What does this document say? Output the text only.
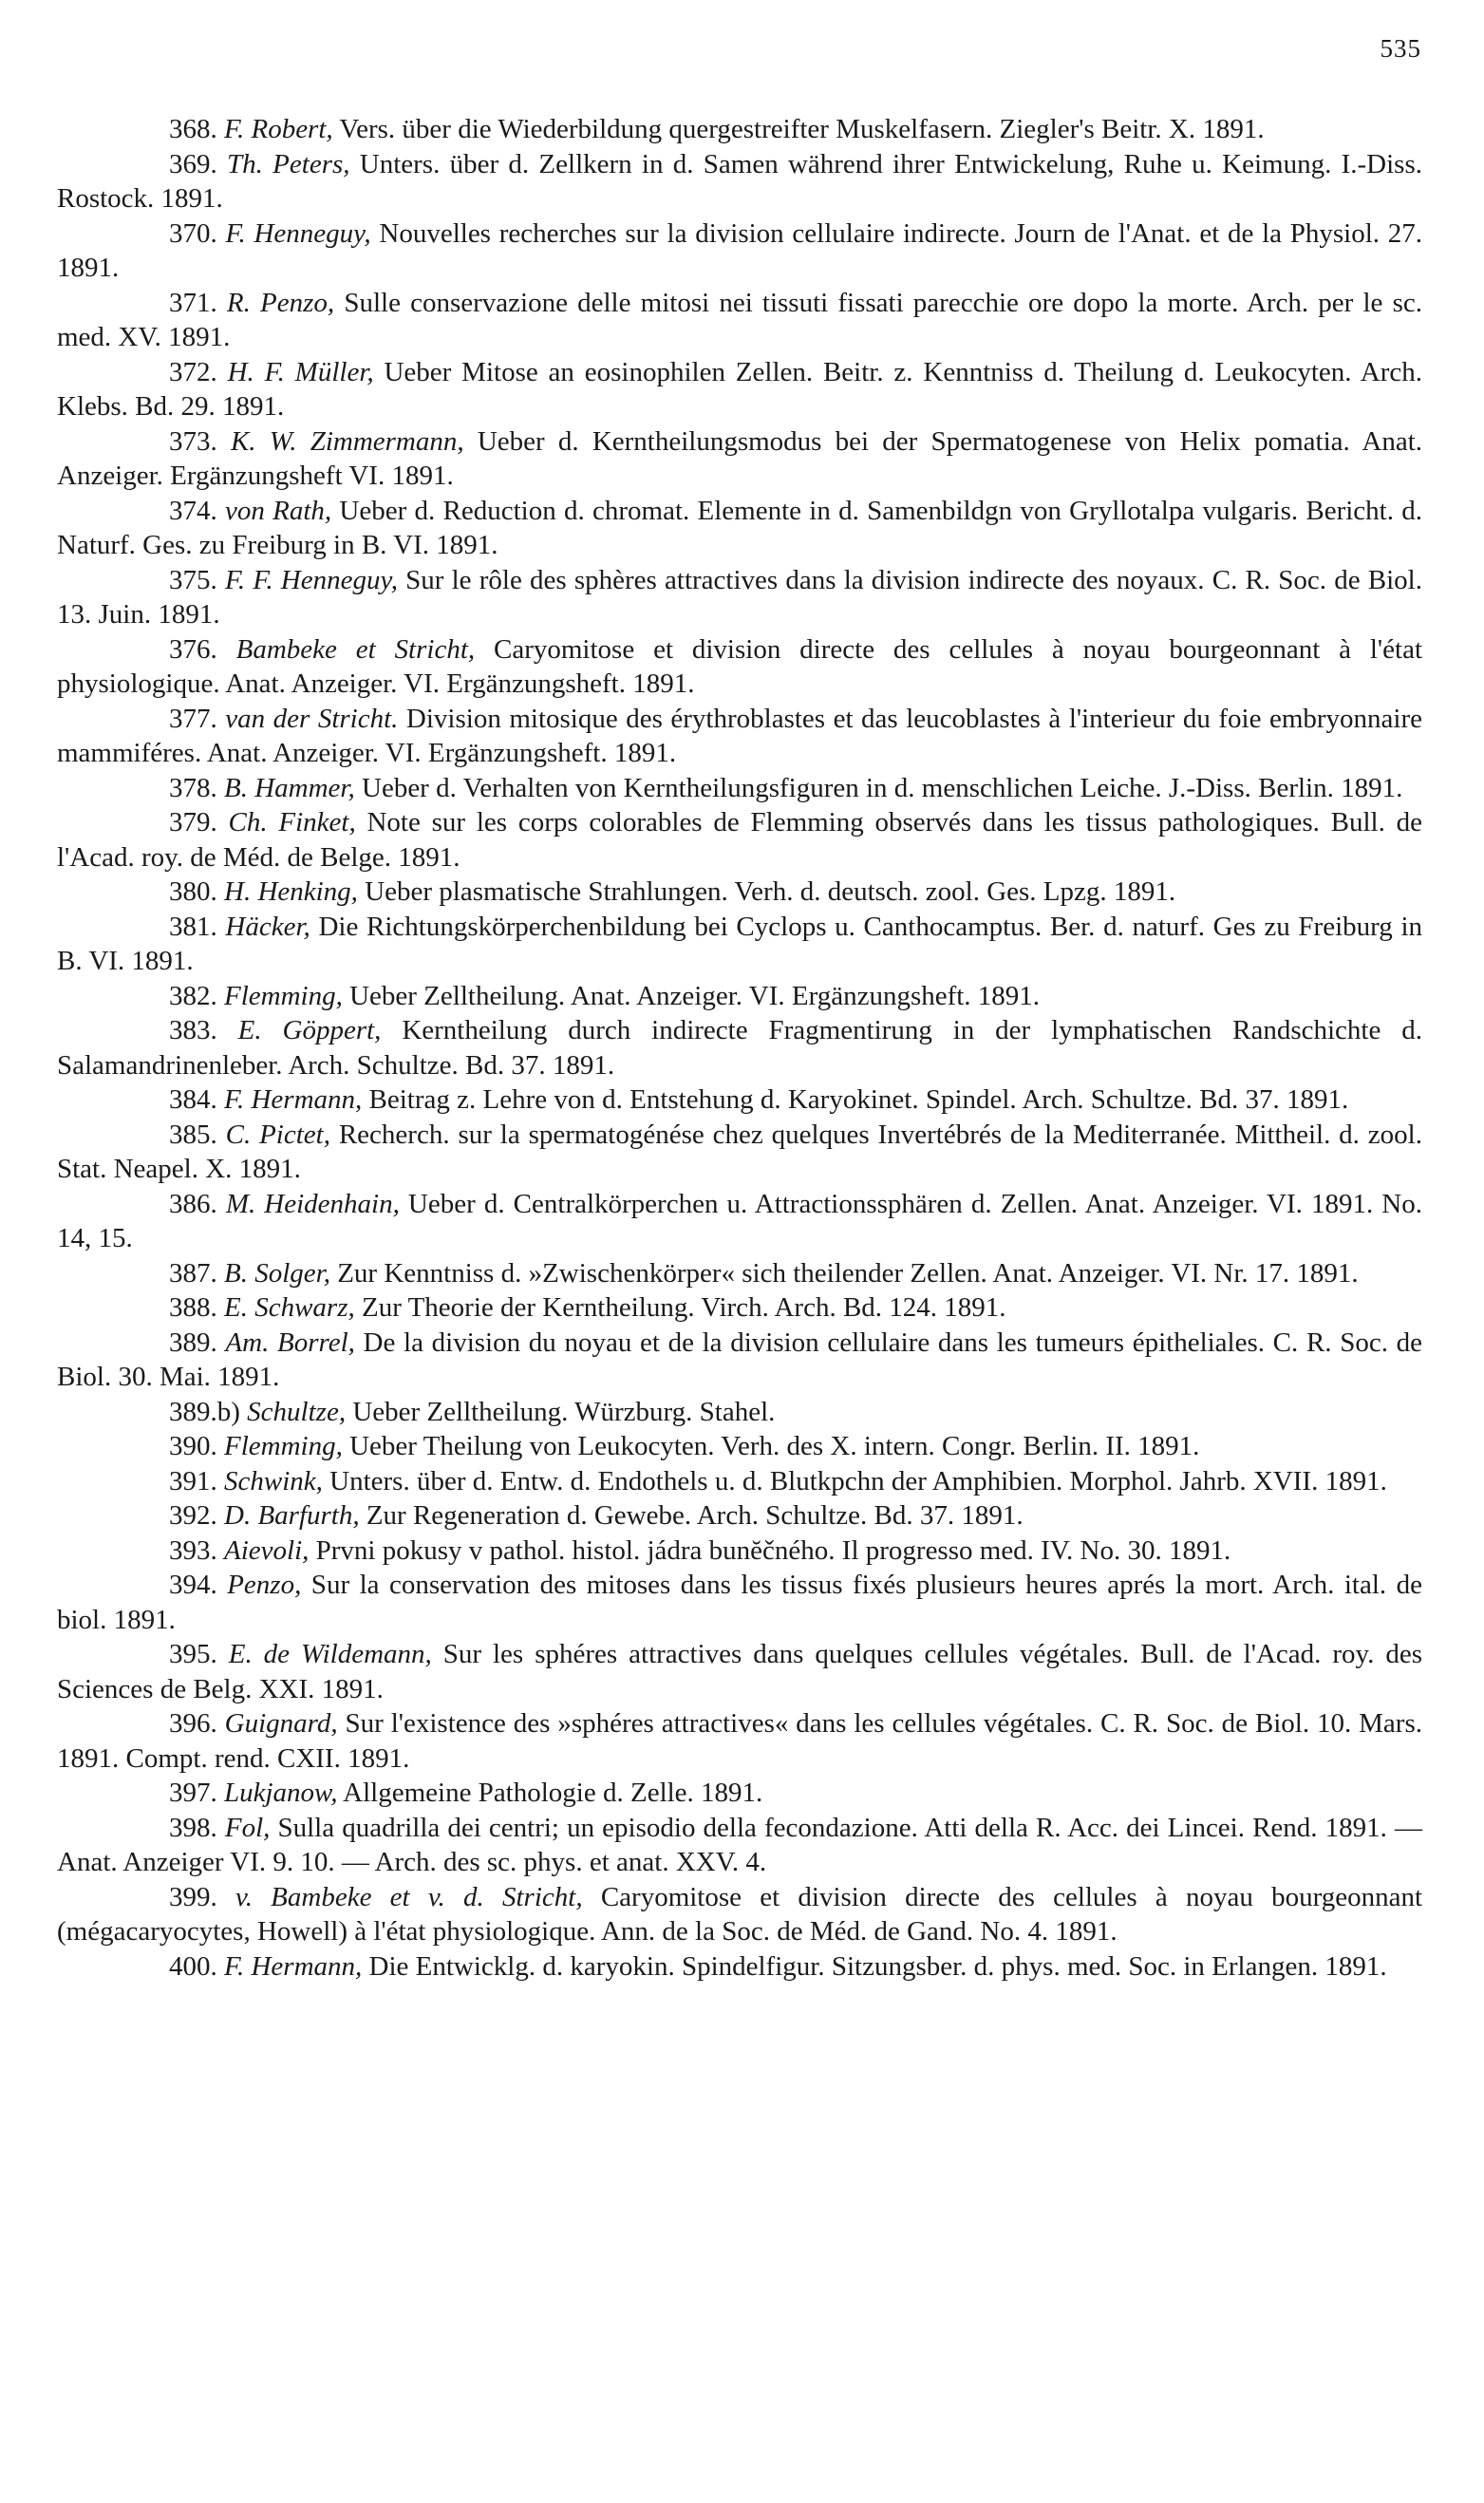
535

368. F. Robert, Vers. über die Wiederbildung quergestreifter Muskelfasern. Ziegler's Beitr. X. 1891.

369. Th. Peters, Unters. über d. Zellkern in d. Samen während ihrer Entwickelung, Ruhe u. Keimung. I.-Diss. Rostock. 1891.

370. F. Henneguy, Nouvelles recherches sur la division cellulaire indirecte. Journ de l'Anat. et de la Physiol. 27. 1891.

371. R. Penzo, Sulle conservazione delle mitosi nei tissuti fissati parecchie ore dopo la morte. Arch. per le sc. med. XV. 1891.

372. H. F. Müller, Ueber Mitose an eosinophilen Zellen. Beitr. z. Kenntniss d. Theilung d. Leukocyten. Arch. Klebs. Bd. 29. 1891.

373. K. W. Zimmermann, Ueber d. Kerntheilungsmodus bei der Spermatogenese von Helix pomatia. Anat. Anzeiger. Ergänzungsheft VI. 1891.

374. von Rath, Ueber d. Reduction d. chromat. Elemente in d. Samenbildgn von Gryllotalpa vulgaris. Bericht. d. Naturf. Ges. zu Freiburg in B. VI. 1891.

375. F. F. Henneguy, Sur le rôle des sphères attractives dans la division indirecte des noyaux. C. R. Soc. de Biol. 13. Juin. 1891.

376. Bambeke et Stricht, Caryomitose et division directe des cellules à noyau bourgeonnant à l'état physiologique. Anat. Anzeiger. VI. Ergänzungsheft. 1891.

377. van der Stricht. Division mitosique des érythroblastes et das leucoblastes à l'interieur du foie embryonnaire mammiféres. Anat. Anzeiger. VI. Ergänzungsheft. 1891.

378. B. Hammer, Ueber d. Verhalten von Kerntheilungsfiguren in d. menschlichen Leiche. J.-Diss. Berlin. 1891.

379. Ch. Finket, Note sur les corps colorables de Flemming observés dans les tissus pathologiques. Bull. de l'Acad. roy. de Méd. de Belge. 1891.

380. H. Henking, Ueber plasmatische Strahlungen. Verh. d. deutsch. zool. Ges. Lpzg. 1891.

381. Häcker, Die Richtungskörperchenbildung bei Cyclops u. Canthocamptus. Ber. d. naturf. Ges zu Freiburg in B. VI. 1891.

382. Flemming, Ueber Zelltheilung. Anat. Anzeiger. VI. Ergänzungsheft. 1891.

383. E. Göppert, Kerntheilung durch indirecte Fragmentirung in der lymphatischen Randschichte d. Salamandrinenleber. Arch. Schultze. Bd. 37. 1891.

384. F. Hermann, Beitrag z. Lehre von d. Entstehung d. Karyokinet. Spindel. Arch. Schultze. Bd. 37. 1891.

385. C. Pictet, Recherch. sur la spermatogénése chez quelques Invertébrés de la Mediterranée. Mittheil. d. zool. Stat. Neapel. X. 1891.

386. M. Heidenhain, Ueber d. Centralkörperchen u. Attractionssphären d. Zellen. Anat. Anzeiger. VI. 1891. No. 14, 15.

387. B. Solger, Zur Kenntniss d. »Zwischenkörper« sich theilender Zellen. Anat. Anzeiger. VI. Nr. 17. 1891.

388. E. Schwarz, Zur Theorie der Kerntheilung. Virch. Arch. Bd. 124. 1891.

389. Am. Borrel, De la division du noyau et de la division cellulaire dans les tumeurs épitheliales. C. R. Soc. de Biol. 30. Mai. 1891.

389.b) Schultze, Ueber Zelltheilung. Würzburg. Stahel.

390. Flemming, Ueber Theilung von Leukocyten. Verh. des X. intern. Congr. Berlin. II. 1891.

391. Schwink, Unters. über d. Entw. d. Endothels u. d. Blutkpchn der Amphibien. Morphol. Jahrb. XVII. 1891.

392. D. Barfurth, Zur Regeneration d. Gewebe. Arch. Schultze. Bd. 37. 1891.

393. Aievoli, Prvni pokusy v pathol. histol. jádra bunĕčného. Il progresso med. IV. No. 30. 1891.

394. Penzo, Sur la conservation des mitoses dans les tissus fixés plusieurs heures aprés la mort. Arch. ital. de biol. 1891.

395. E. de Wildemann, Sur les sphéres attractives dans quelques cellules végétales. Bull. de l'Acad. roy. des Sciences de Belg. XXI. 1891.

396. Guignard, Sur l'existence des »sphéres attractives« dans les cellules végétales. C. R. Soc. de Biol. 10. Mars. 1891. Compt. rend. CXII. 1891.

397. Lukjanow, Allgemeine Pathologie d. Zelle. 1891.

398. Fol, Sulla quadrilla dei centri; un episodio della fecondazione. Atti della R. Acc. dei Lincei. Rend. 1891. — Anat. Anzeiger VI. 9. 10. — Arch. des sc. phys. et anat. XXV. 4.

399. v. Bambeke et v. d. Stricht, Caryomitose et division directe des cellules à noyau bourgeonnant (mégacaryocytes, Howell) à l'état physiologique. Ann. de la Soc. de Méd. de Gand. No. 4. 1891.

400. F. Hermann, Die Entwicklg. d. karyokin. Spindelfigur. Sitzungsber. d. phys. med. Soc. in Erlangen. 1891.
